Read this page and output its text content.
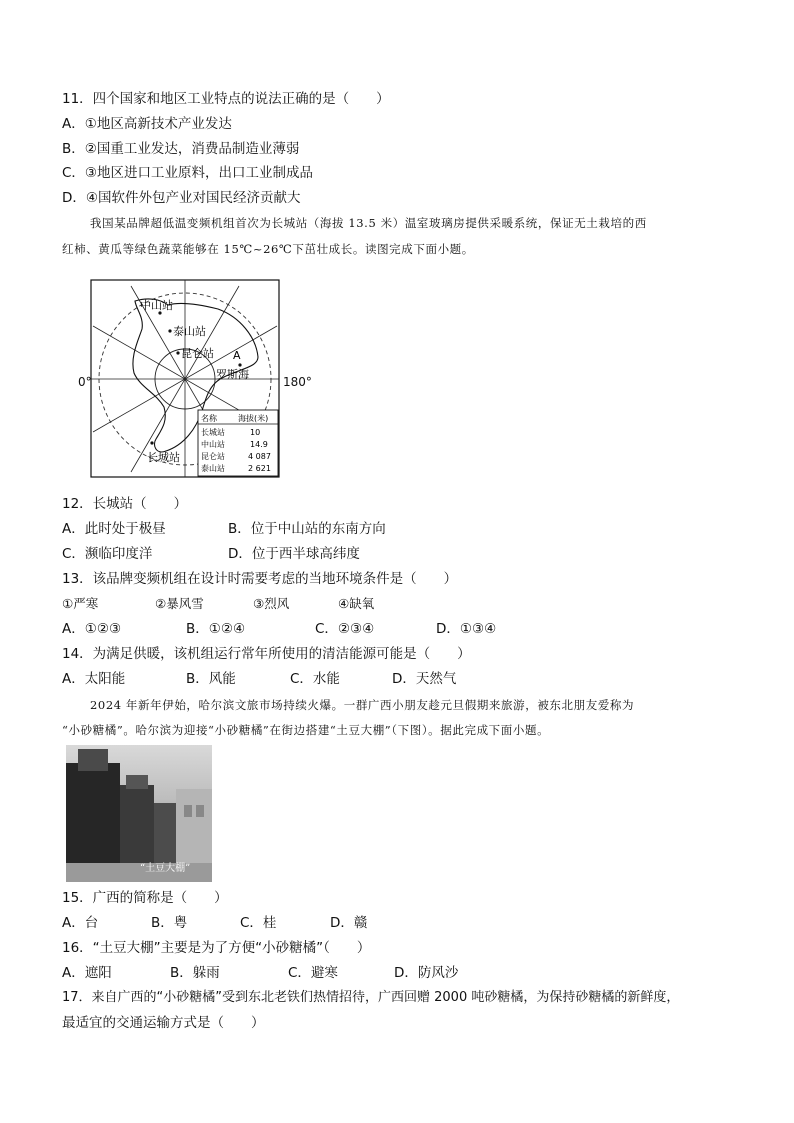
11．四个国家和地区工业特点的说法正确的是（　　）
A．①地区高新技术产业发达
B．②国重工业发达，消费品制造业薄弱
C．③地区进口工业原料，出口工业制成品
D．④国软件外包产业对国民经济贡献大
我国某品牌超低温变频机组首次为长城站（海拔 13.5 米）温室玻璃房提供采暖系统，保证无土栽培的西
红柿、黄瓜等绿色蔬菜能够在 15℃~26℃下茁壮成长。读图完成下面小题。
中山站
泰山站
昆仑站 A
罗斯海
长城站
名称	海拔(米)
长城站	10
中山站	14.9
昆仑站	4 087
泰山站	2 621
0°	180°
12．长城站（　　）
A．此时处于极昼	B．位于中山站的东南方向
C．濒临印度洋	D．位于西半球高纬度
13．该品牌变频机组在设计时需要考虑的当地环境条件是（　　）
①严寒	②暴风雪	③烈风	④缺氧
A．①②③	B．①②④	C．②③④	D．①③④
14．为满足供暖，该机组运行常年所使用的清洁能源可能是（　　）
A．太阳能	B．风能	C．水能	D．天然气
2024 年新年伊始，哈尔滨文旅市场持续火爆。一群广西小朋友趁元旦假期来旅游，被东北朋友爱称为
“小砂糖橘”。哈尔滨为迎接“小砂糖橘”在街边搭建“土豆大棚”（下图）。据此完成下面小题。
“土豆大棚”
15．广西的简称是（　　）
A．台	B．粤	C．桂	D．赣
16．“土豆大棚”主要是为了方便“小砂糖橘”（　　）
A．遮阳	B．躲雨	C．避寒	D．防风沙
17．来自广西的“小砂糖橘”受到东北老铁们热情招待，广西回赠 2000 吨砂糖橘，为保持砂糖橘的新鲜度，
最适宜的交通运输方式是（　　）
